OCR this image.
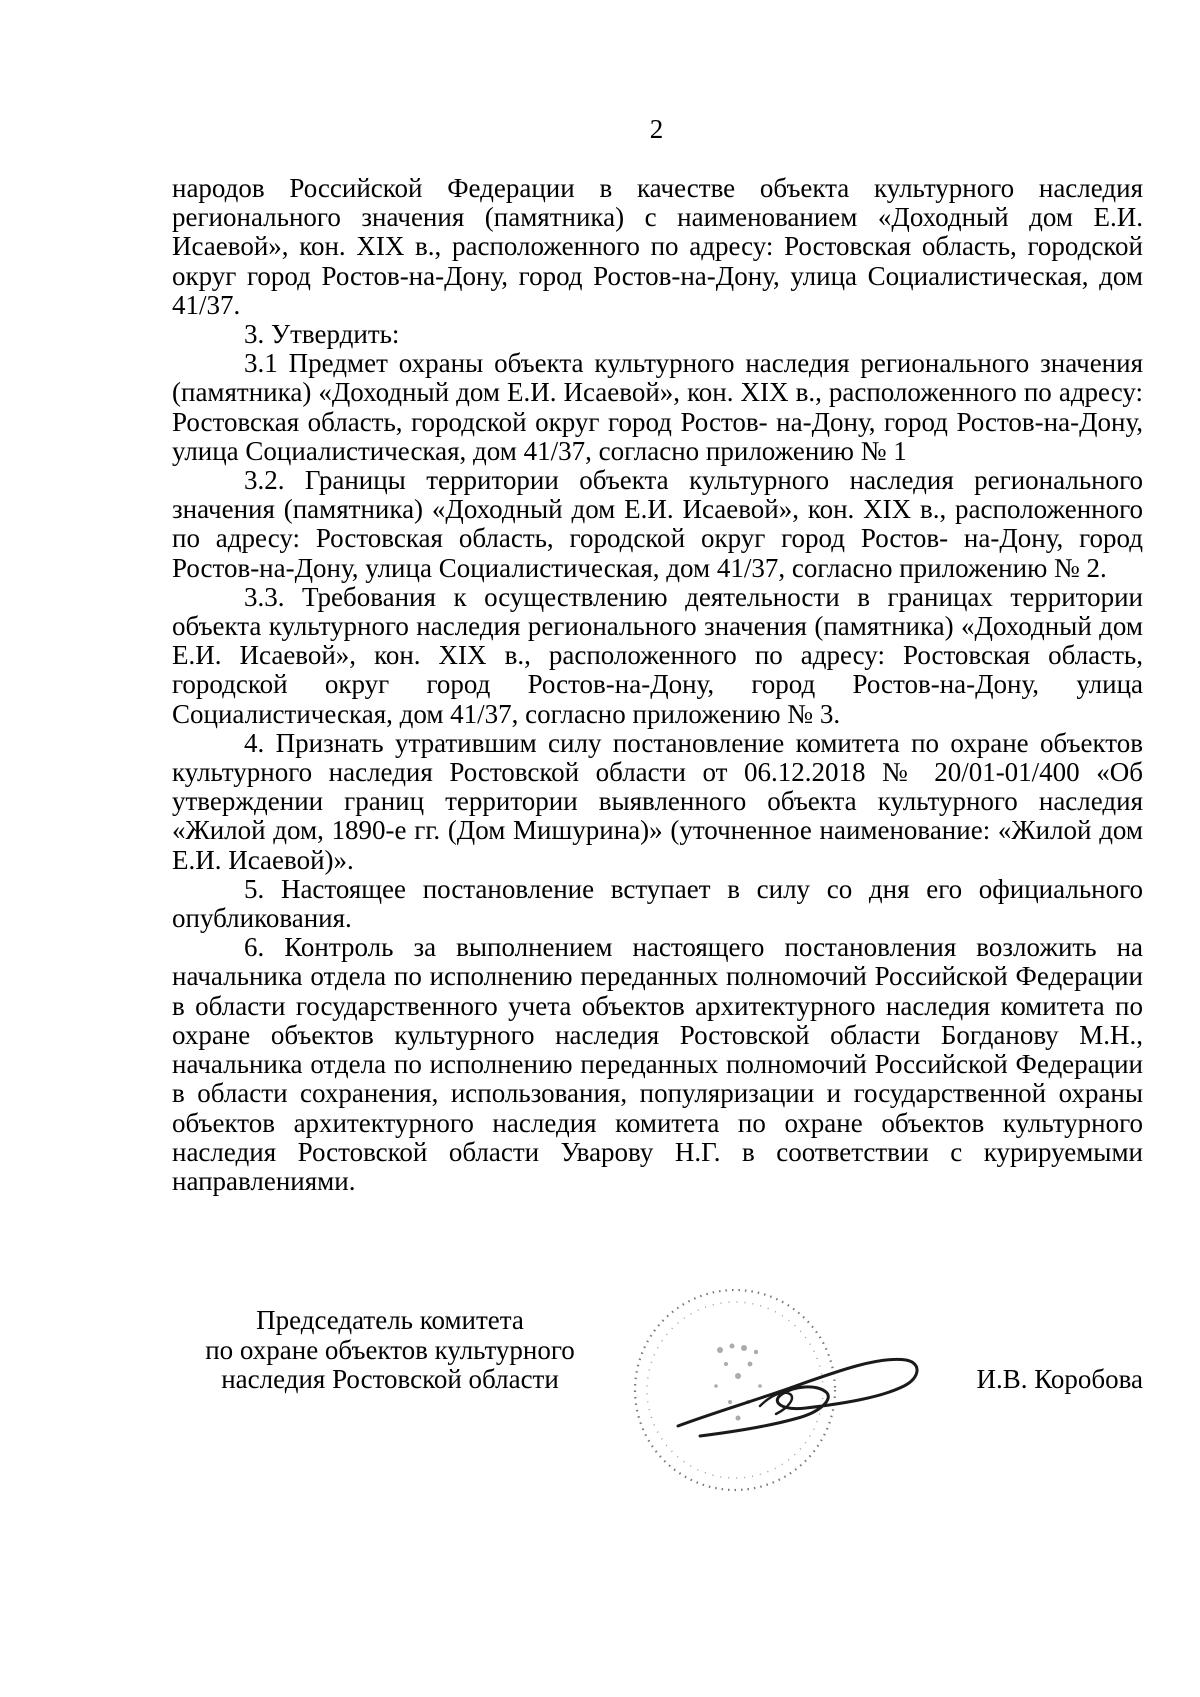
2

народов Российской Федерации в качестве объекта культурного наследия регионального значения (памятника) с наименованием «Доходный дом Е.И. Исаевой», кон. XIX в., расположенного по адресу: Ростовская область, городской округ город Ростов-на-Дону, город Ростов-на-Дону, улица Социалистическая, дом 41/37.

3. Утвердить:

3.1 Предмет охраны объекта культурного наследия регионального значения (памятника) «Доходный дом Е.И. Исаевой», кон. XIX в., расположенного по адресу: Ростовская область, городской округ город Ростов- на-Дону, город Ростов-на-Дону, улица Социалистическая, дом 41/37, согласно приложению № 1

3.2. Границы территории объекта культурного наследия регионального значения (памятника) «Доходный дом Е.И. Исаевой», кон. XIX в., расположенного по адресу: Ростовская область, городской округ город Ростов- на-Дону, город Ростов-на-Дону, улица Социалистическая, дом 41/37, согласно приложению № 2.

3.3. Требования к осуществлению деятельности в границах территории объекта культурного наследия регионального значения (памятника) «Доходный дом Е.И. Исаевой», кон. XIX в., расположенного по адресу: Ростовская область, городской округ город Ростов-на-Дону, город Ростов-на-Дону, улица Социалистическая, дом 41/37, согласно приложению № 3.

4. Признать утратившим силу постановление комитета по охране объектов культурного наследия Ростовской области от 06.12.2018 № 20/01-01/400 «Об утверждении границ территории выявленного объекта культурного наследия «Жилой дом, 1890-е гг. (Дом Мишурина)» (уточненное наименование: «Жилой дом Е.И. Исаевой)».

5. Настоящее постановление вступает в силу со дня его официального опубликования.

6. Контроль за выполнением настоящего постановления возложить на начальника отдела по исполнению переданных полномочий Российской Федерации в области государственного учета объектов архитектурного наследия комитета по охране объектов культурного наследия Ростовской области Богданову М.Н., начальника отдела по исполнению переданных полномочий Российской Федерации в области сохранения, использования, популяризации и государственной охраны объектов архитектурного наследия комитета по охране объектов культурного наследия Ростовской области Уварову Н.Г. в соответствии с курируемыми направлениями.

Председатель комитета
по охране объектов культурного
наследия Ростовской области	И.В. Коробова
